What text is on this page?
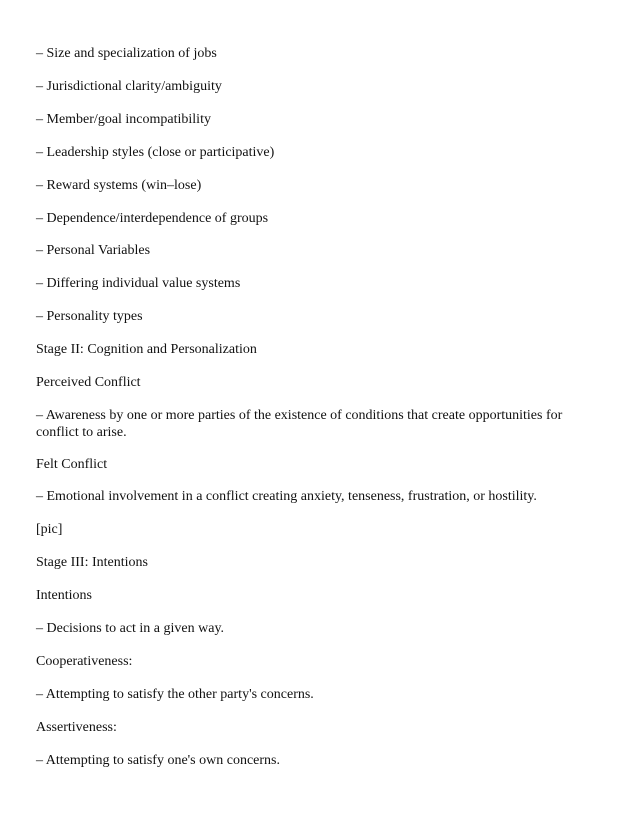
– Size and specialization of jobs

– Jurisdictional clarity/ambiguity

– Member/goal incompatibility

– Leadership styles (close or participative)

– Reward systems (win–lose)

– Dependence/interdependence of groups

– Personal Variables

– Differing individual value systems

– Personality types

Stage II: Cognition and Personalization

Perceived Conflict

– Awareness by one or more parties of the existence of conditions that create opportunities for conflict to arise.

Felt Conflict

– Emotional involvement in a conflict creating anxiety, tenseness, frustration, or hostility.

[pic]

Stage III: Intentions

Intentions

– Decisions to act in a given way.

Cooperativeness:

– Attempting to satisfy the other party's concerns.

Assertiveness:

– Attempting to satisfy one's own concerns.
